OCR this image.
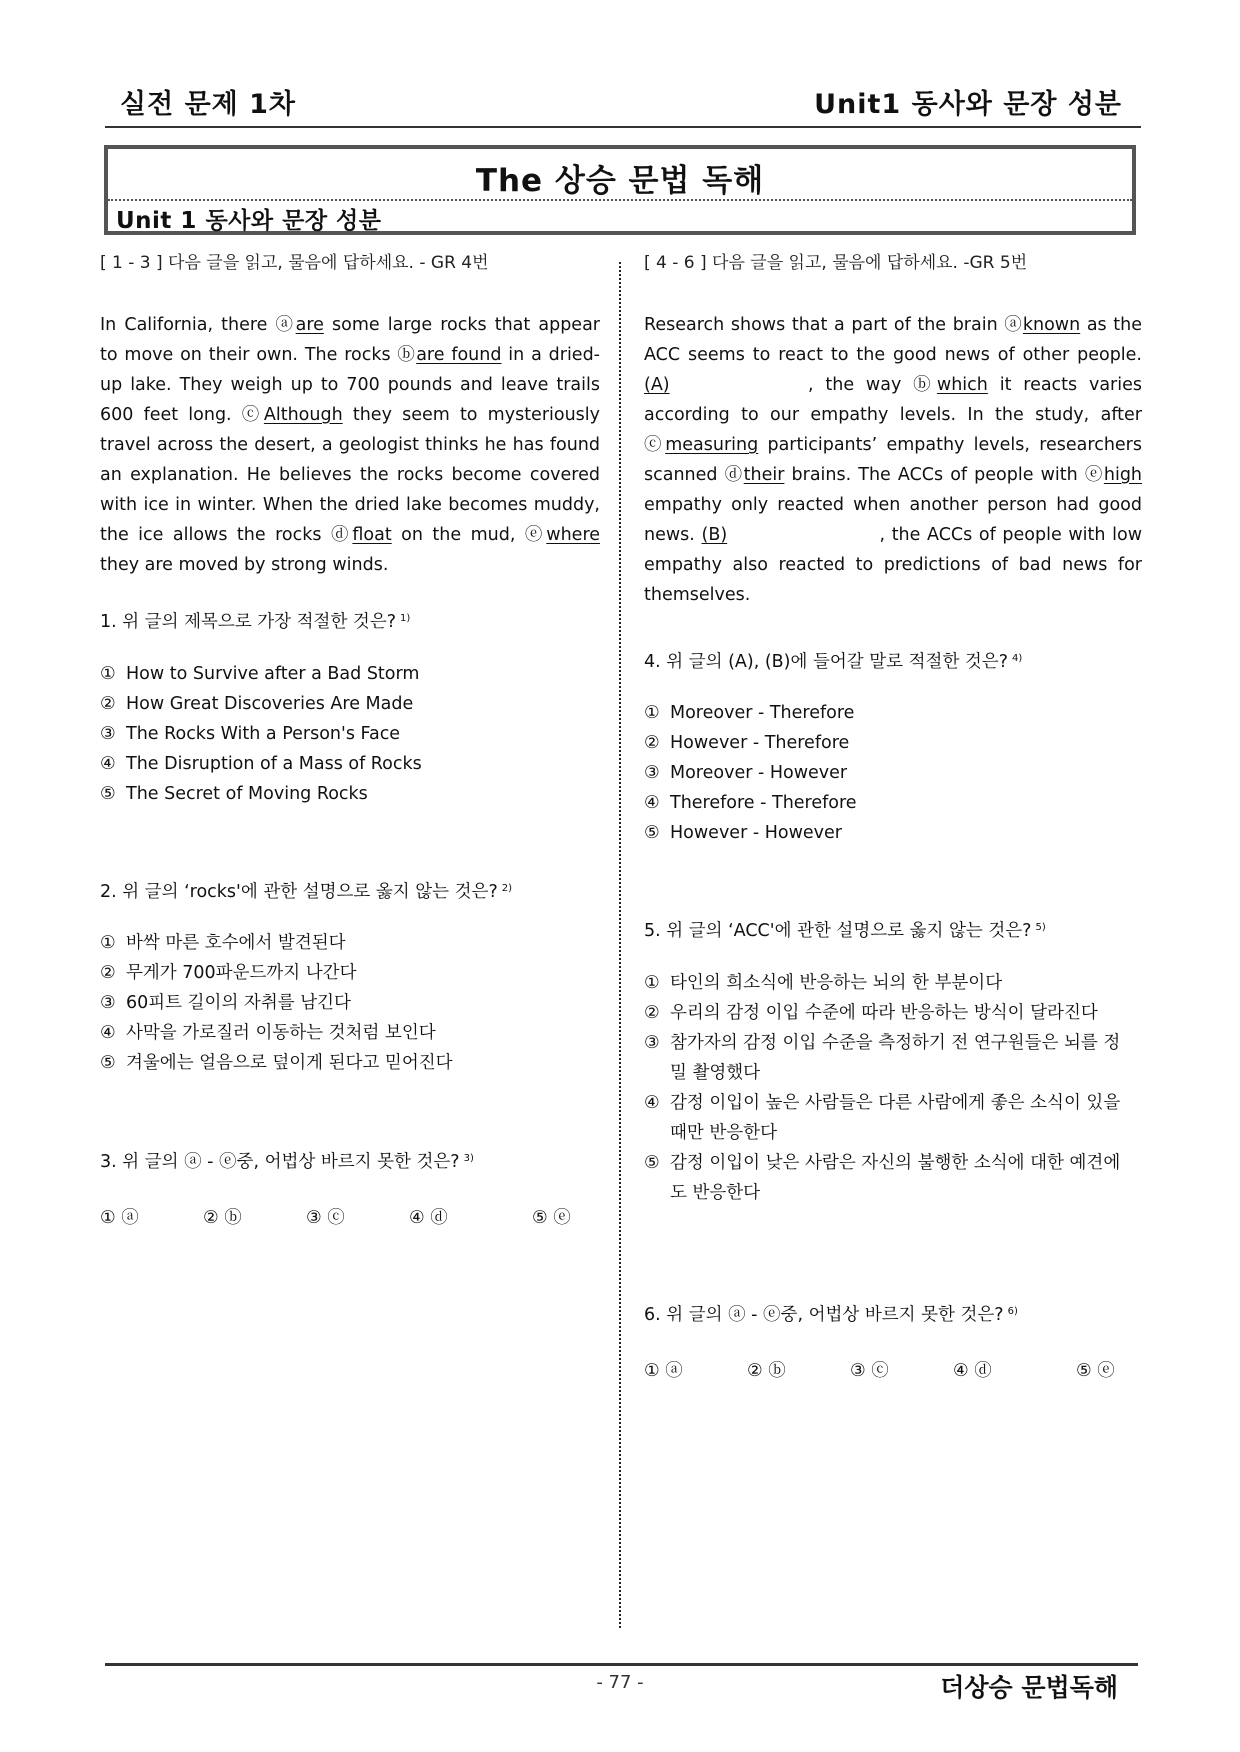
실전 문제 1차	Unit1 동사와 문장 성분
The 상승 문법 독해
Unit 1 동사와 문장 성분
[ 1 - 3 ] 다음 글을 읽고, 물음에 답하세요. - GR 4번

In California, there ⓐare some large rocks that appear to move on their own. The rocks ⓑare found in a dried-up lake. They weigh up to 700 pounds and leave trails 600 feet long. ⓒAlthough they seem to mysteriously travel across the desert, a geologist thinks he has found an explanation. He believes the rocks become covered with ice in winter. When the dried lake becomes muddy, the ice allows the rocks ⓓfloat on the mud, ⓔwhere they are moved by strong winds.

1. 위 글의 제목으로 가장 적절한 것은? $^{1)}$
① How to Survive after a Bad Storm
② How Great Discoveries Are Made
③ The Rocks With a Person's Face
④ The Disruption of a Mass of Rocks
⑤ The Secret of Moving Rocks
2. 위 글의 ‘rocks'에 관한 설명으로 옳지 않는 것은? $^{2)}$
① 바싹 마른 호수에서 발견된다
② 무게가 700파운드까지 나간다
③ 60피트 길이의 자취를 남긴다
④ 사막을 가로질러 이동하는 것처럼 보인다
⑤ 겨울에는 얼음으로 덮이게 된다고 믿어진다
3. 위 글의 ⓐ - ⓔ중, 어법상 바르지 못한 것은? $^{3)}$
① ⓐ	② ⓑ	③ ⓒ	④ ⓓ	⑤ ⓔ
[ 4 - 6 ] 다음 글을 읽고, 물음에 답하세요. -GR 5번

Research shows that a part of the brain ⓐknown as the ACC seems to react to the good news of other people. (A)	, the way ⓑwhich it reacts varies according to our empathy levels. In the study, after ⓒmeasuring participants’ empathy levels, researchers scanned ⓓtheir brains. The ACCs of people with ⓔhigh empathy only reacted when another person had good news. (B)	, the ACCs of people with low empathy also reacted to predictions of bad news for themselves.

4. 위 글의 (A), (B)에 들어갈 말로 적절한 것은? $^{4)}$
① Moreover - Therefore
② However - Therefore
③ Moreover - However
④ Therefore - Therefore
⑤ However - However
5. 위 글의 ‘ACC'에 관한 설명으로 옳지 않는 것은? $^{5)}$
① 타인의 희소식에 반응하는 뇌의 한 부분이다
② 우리의 감정 이입 수준에 따라 반응하는 방식이 달라진다
③ 참가자의 감정 이입 수준을 측정하기 전 연구원들은 뇌를 정밀 촬영했다
④ 감정 이입이 높은 사람들은 다른 사람에게 좋은 소식이 있을 때만 반응한다
⑤ 감정 이입이 낮은 사람은 자신의 불행한 소식에 대한 예견에도 반응한다
6. 위 글의 ⓐ - ⓔ중, 어법상 바르지 못한 것은? $^{6)}$
① ⓐ	② ⓑ	③ ⓒ	④ ⓓ	⑤ ⓔ
- 77 -	더상승 문법독해
